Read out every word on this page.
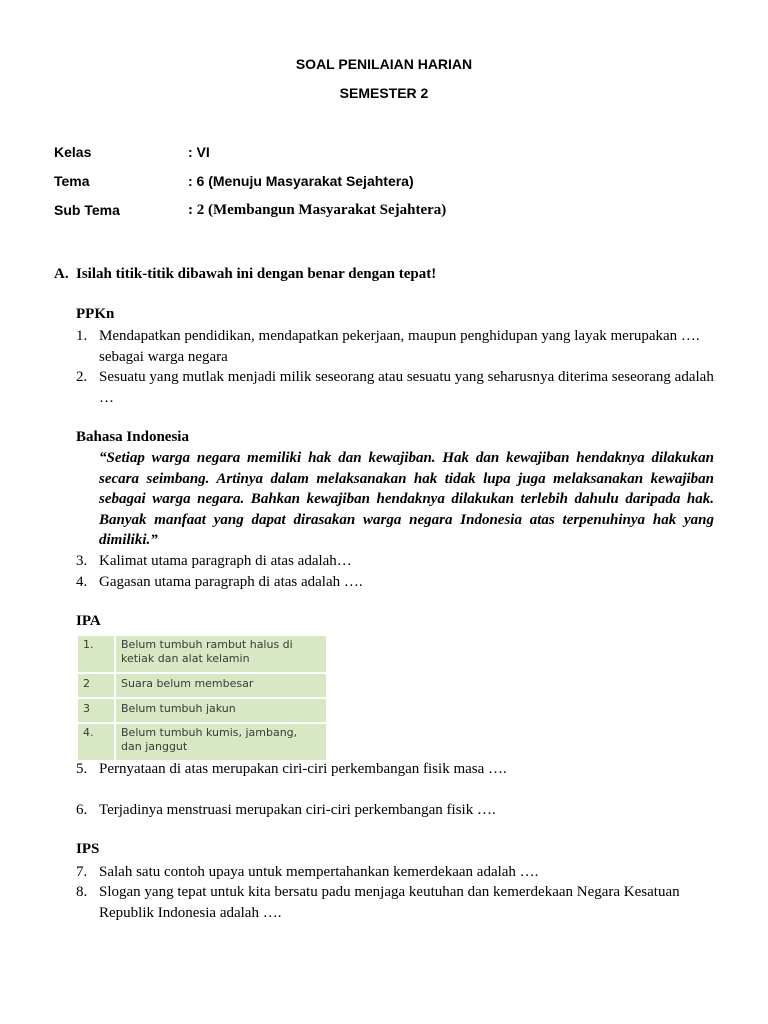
SOAL PENILAIAN HARIAN
SEMESTER 2
Kelas	: VI
Tema	: 6 (Menuju Masyarakat Sejahtera)
Sub Tema	: 2 (Membangun Masyarakat Sejahtera)
A. Isilah titik-titik dibawah ini dengan benar dengan tepat!
PPKn
1. Mendapatkan pendidikan, mendapatkan pekerjaan, maupun penghidupan yang layak merupakan …. sebagai warga negara
2. Sesuatu yang mutlak menjadi milik seseorang atau sesuatu yang seharusnya diterima seseorang adalah …
Bahasa Indonesia
“Setiap warga negara memiliki hak dan kewajiban. Hak dan kewajiban hendaknya dilakukan secara seimbang. Artinya dalam melaksanakan hak tidak lupa juga melaksanakan kewajiban sebagai warga negara. Bahkan kewajiban hendaknya dilakukan terlebih dahulu daripada hak. Banyak manfaat yang dapat dirasakan warga negara Indonesia atas terpenuhinya hak yang dimiliki.”
3. Kalimat utama paragraph di atas adalah…
4. Gagasan utama paragraph di atas adalah ….
IPA
1.	Belum tumbuh rambut halus di ketiak dan alat kelamin
2	Suara belum membesar
3	Belum tumbuh jakun
4.	Belum tumbuh kumis, jambang, dan janggut
5. Pernyataan di atas merupakan ciri-ciri perkembangan fisik masa ….
6. Terjadinya menstruasi merupakan ciri-ciri perkembangan fisik ….
IPS
7. Salah satu contoh upaya untuk mempertahankan kemerdekaan adalah ….
8. Slogan yang tepat untuk kita bersatu padu menjaga keutuhan dan kemerdekaan Negara Kesatuan Republik Indonesia adalah ….
